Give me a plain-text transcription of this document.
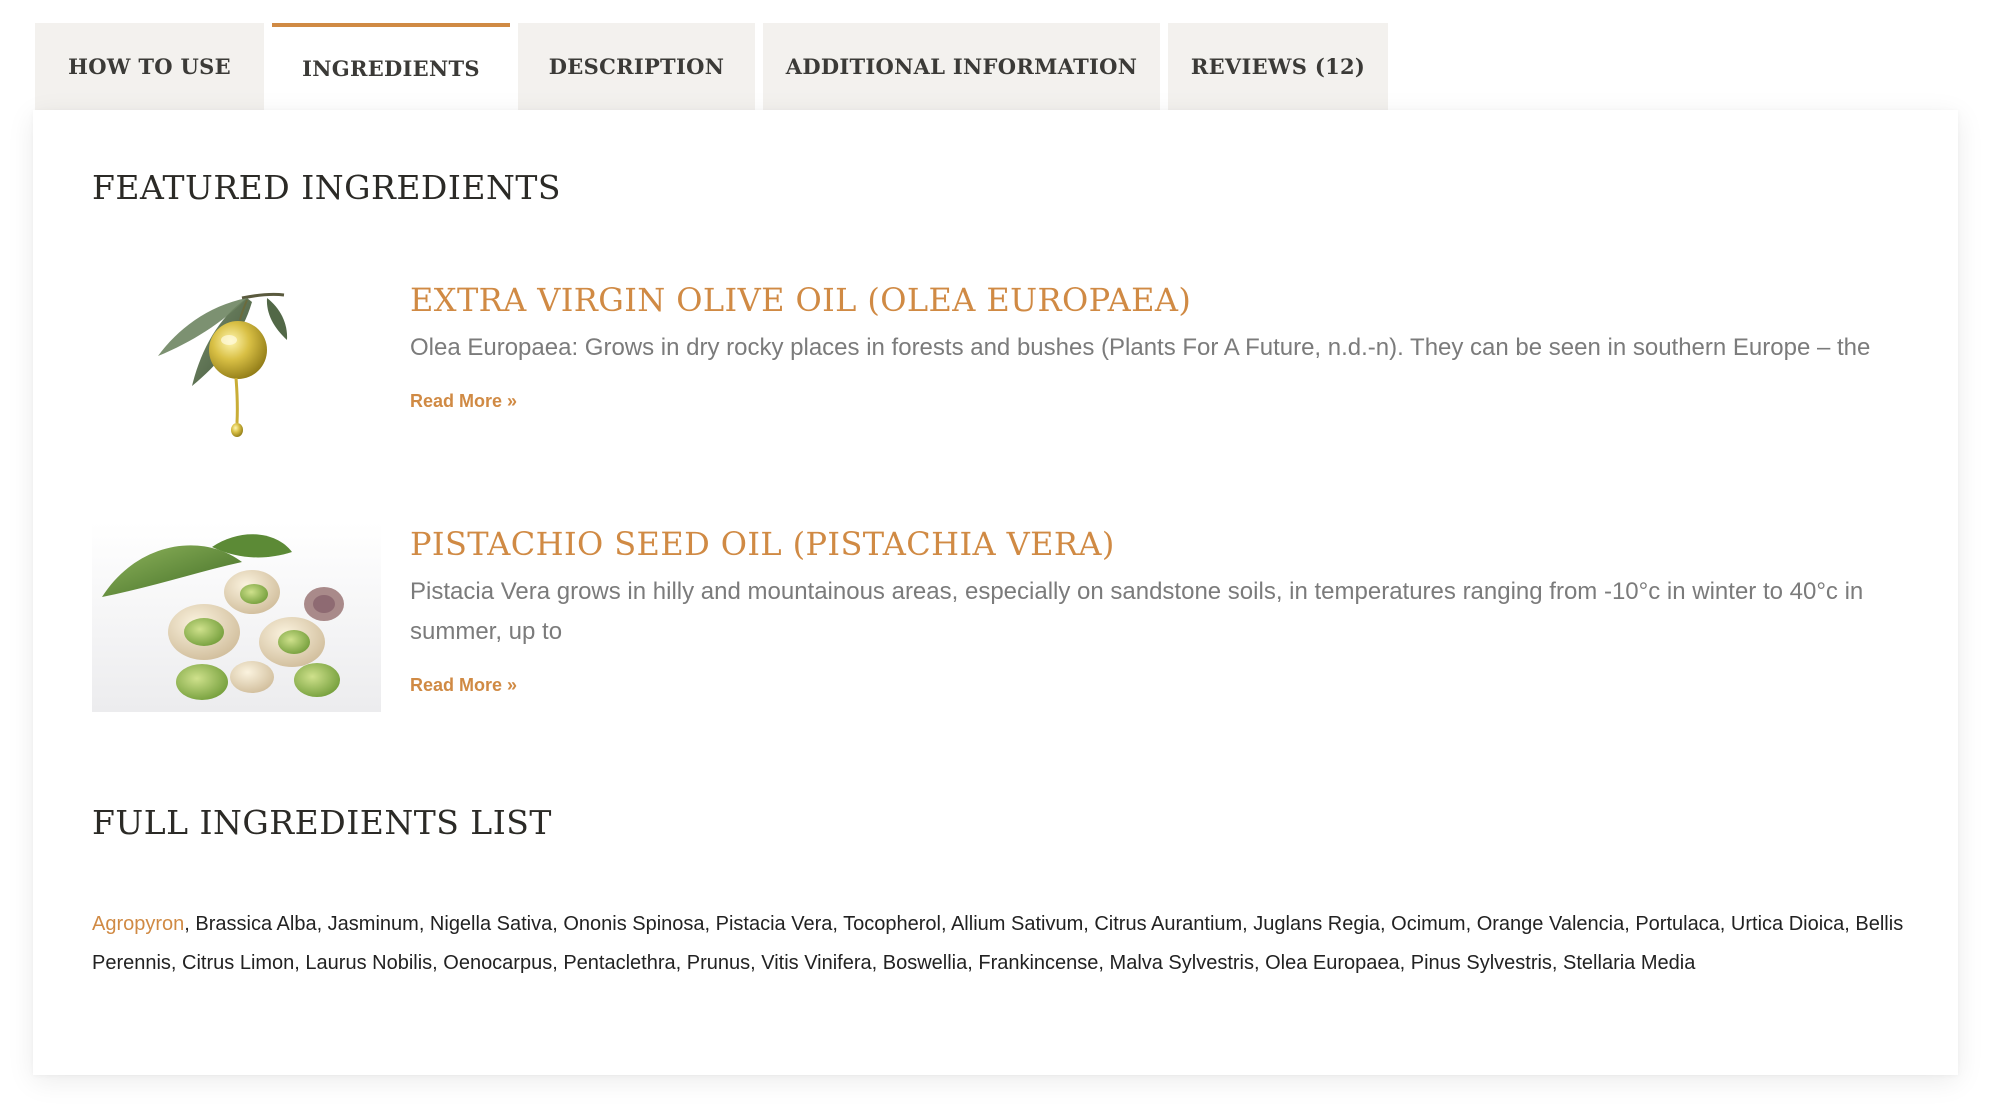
HOW TO USE	INGREDIENTS	DESCRIPTION	ADDITIONAL INFORMATION	REVIEWS (12)
FEATURED INGREDIENTS
EXTRA VIRGIN OLIVE OIL (OLEA EUROPAEA)

Olea Europaea: Grows in dry rocky places in forests and bushes (Plants For A Future, n.d.-n). They can be seen in southern Europe – the

Read More »
PISTACHIO SEED OIL (PISTACHIA VERA)

Pistacia Vera grows in hilly and mountainous areas, especially on sandstone soils, in temperatures ranging from -10°c in winter to 40°c in summer, up to

Read More »
FULL INGREDIENTS LIST

Agropyron, Brassica Alba, Jasminum, Nigella Sativa, Ononis Spinosa, Pistacia Vera, Tocopherol, Allium Sativum, Citrus Aurantium, Juglans Regia, Ocimum, Orange Valencia, Portulaca, Urtica Dioica, Bellis Perennis, Citrus Limon, Laurus Nobilis, Oenocarpus, Pentaclethra, Prunus, Vitis Vinifera, Boswellia, Frankincense, Malva Sylvestris, Olea Europaea, Pinus Sylvestris, Stellaria Media
